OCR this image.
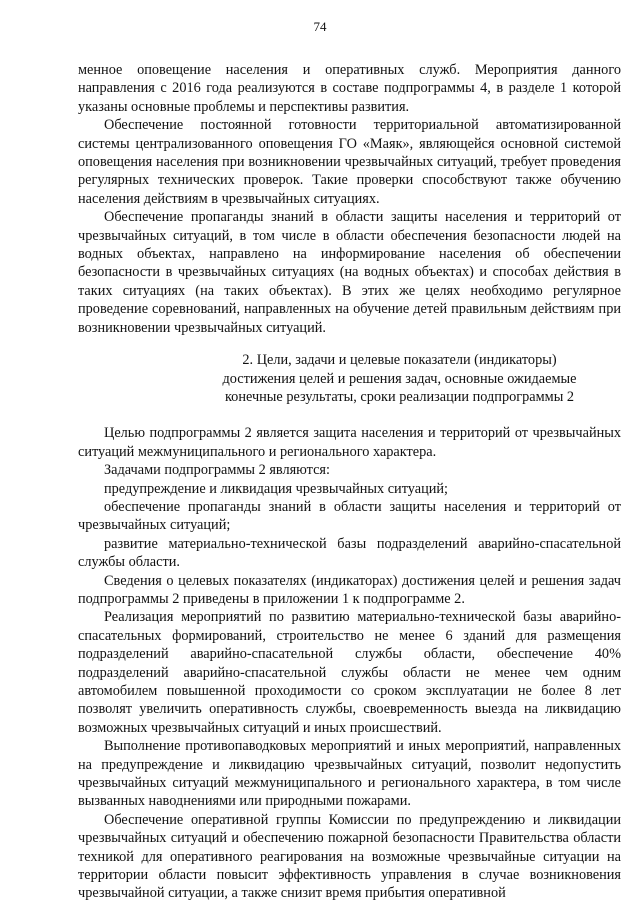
74

менное оповещение населения и оперативных служб. Мероприятия данного направления с 2016 года реализуются в составе подпрограммы 4, в разделе 1 которой указаны основные проблемы и перспективы развития.

Обеспечение постоянной готовности территориальной автоматизированной системы централизованного оповещения ГО «Маяк», являющейся основной системой оповещения населения при возникновении чрезвычайных ситуаций, требует проведения регулярных технических проверок. Такие проверки способствуют также обучению населения действиям в чрезвычайных ситуациях.

Обеспечение пропаганды знаний в области защиты населения и территорий от чрезвычайных ситуаций, в том числе в области обеспечения безопасности людей на водных объектах, направлено на информирование населения об обеспечении безопасности в чрезвычайных ситуациях (на водных объектах) и способах действия в таких ситуациях (на таких объектах). В этих же целях необходимо регулярное проведение соревнований, направленных на обучение детей правильным действиям при возникновении чрезвычайных ситуаций.

2. Цели, задачи и целевые показатели (индикаторы)
достижения целей и решения задач, основные ожидаемые
конечные результаты, сроки реализации подпрограммы 2

Целью подпрограммы 2 является защита населения и территорий от чрезвычайных ситуаций межмуниципального и регионального характера.

Задачами подпрограммы 2 являются:

предупреждение и ликвидация чрезвычайных ситуаций;

обеспечение пропаганды знаний в области защиты населения и территорий от чрезвычайных ситуаций;

развитие материально-технической базы подразделений аварийно-спасательной службы области.

Сведения о целевых показателях (индикаторах) достижения целей и решения задач подпрограммы 2 приведены в приложении 1 к подпрограмме 2.

Реализация мероприятий по развитию материально-технической базы аварийно-спасательных формирований, строительство не менее 6 зданий для размещения подразделений аварийно-спасательной службы области, обеспечение 40% подразделений аварийно-спасательной службы области не менее чем одним автомобилем повышенной проходимости со сроком эксплуатации не более 8 лет позволят увеличить оперативность службы, своевременность выезда на ликвидацию возможных чрезвычайных ситуаций и иных происшествий.

Выполнение противопаводковых мероприятий и иных мероприятий, направленных на предупреждение и ликвидацию чрезвычайных ситуаций, позволит недопустить чрезвычайных ситуаций межмуниципального и регионального характера, в том числе вызванных наводнениями или природными пожарами.

Обеспечение оперативной группы Комиссии по предупреждению и ликвидации чрезвычайных ситуаций и обеспечению пожарной безопасности Правительства области техникой для оперативного реагирования на возможные чрезвычайные ситуации на территории области повысит эффективность управления в случае возникновения чрезвычайной ситуации, а также снизит время прибытия оперативной
